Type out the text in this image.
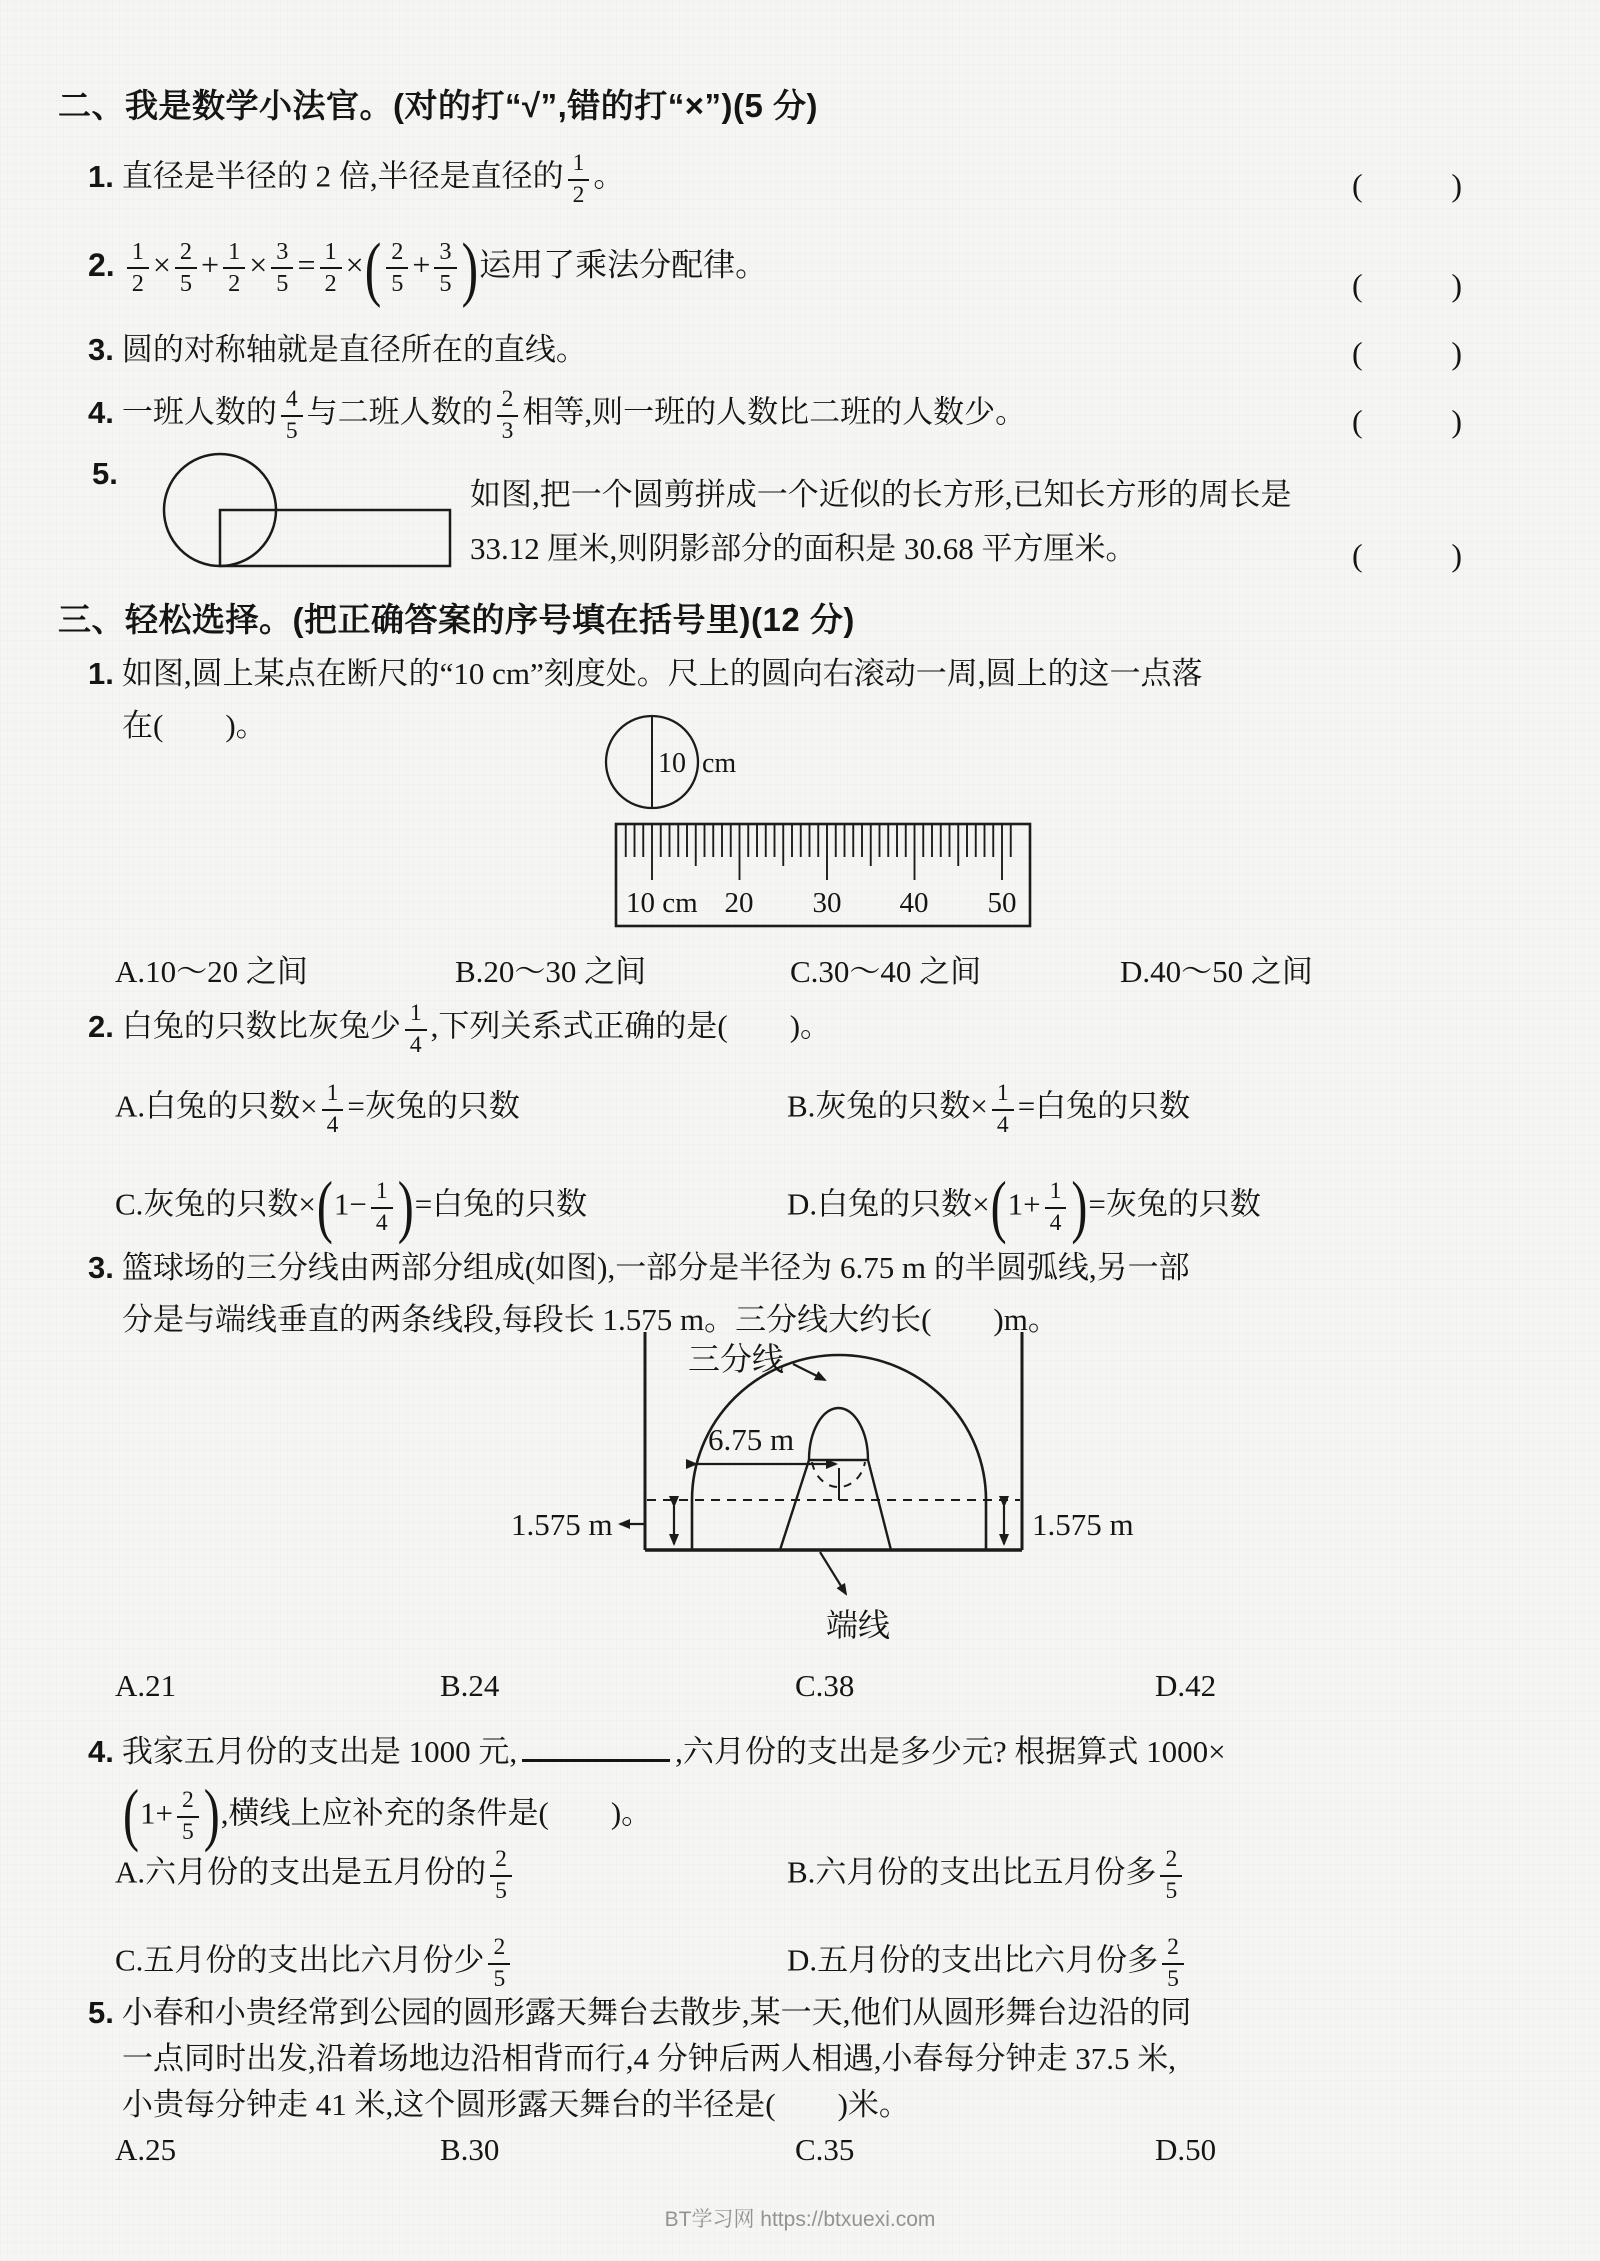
二、我是数学小法官。(对的打“√”,错的打“×”)(5 分)
1. 直径是半径的 2 倍,半径是直径的 $\frac{1}{2}$ 。	(	)
2. $\frac{1}{2} \times \frac{2}{5} + \frac{1}{2} \times \frac{3}{5} = \frac{1}{2}$ ×( $\frac{2}{5} + \frac{3}{5}$ )运用了乘法分配律。
(	)
3. 圆的对称轴就是直径所在的直线。	(	)
4. 一班人数的 $\frac{4}{5}$ 与二班人数的 $\frac{2}{3}$ 相等,则一班的人数比二班的人数少。	(	)
5.
如图,把一个圆剪拼成一个近似的长方形,已知长方形的周长是
33.12 厘米,则阴影部分的面积是 30.68 平方厘米。	(	)
三、轻松选择。(把正确答案的序号填在括号里)(12 分)
1. 如图,圆上某点在断尺的“10 cm”刻度处。尺上的圆向右滚动一周,圆上的这一点落
在(　　)。
10 cm
10 cm 20 30 40 50
A.10～20 之间	B.20～30 之间	C.30～40 之间	D.40～50 之间
2. 白兔的只数比灰兔少 $\frac{1}{4}$ ,下列关系式正确的是(　　)。
A.白兔的只数× $\frac{1}{4}$ =灰兔的只数	B.灰兔的只数× $\frac{1}{4}$ =白兔的只数
C.灰兔的只数$\times(1- \frac{1}{4}$ )=白兔的只数	D.白兔的只数$\times(1+ \frac{1}{4}$ )=灰兔的只数
3. 篮球场的三分线由两部分组成(如图),一部分是半径为 6.75 m 的半圆弧线,另一部
分是与端线垂直的两条线段,每段长 1.575 m。三分线大约长(　　)m。
6.75 m
1.575 m	1.575 m
三分线
端线
A.21	B.24	C.38	D.42
4. 我家五月份的支出是 1000 元,	,六月份的支出是多少元? 根据算式 1000×
($1+ \frac{2}{5}$ ),横线上应补充的条件是(　　)。
A.六月份的支出是五月份的 $\frac{2}{5}$	B.六月份的支出比五月份多 $\frac{2}{5}$
C.五月份的支出比六月份少 $\frac{2}{5}$	D.五月份的支出比六月份多 $\frac{2}{5}$
5. 小春和小贵经常到公园的圆形露天舞台去散步,某一天,他们从圆形舞台边沿的同
一点同时出发,沿着场地边沿相背而行,4 分钟后两人相遇,小春每分钟走 37.5 米,
小贵每分钟走 41 米,这个圆形露天舞台的半径是(　　)米。
A.25	B.30	C.35	D.50
BT学习网 https://btxuexi.com
